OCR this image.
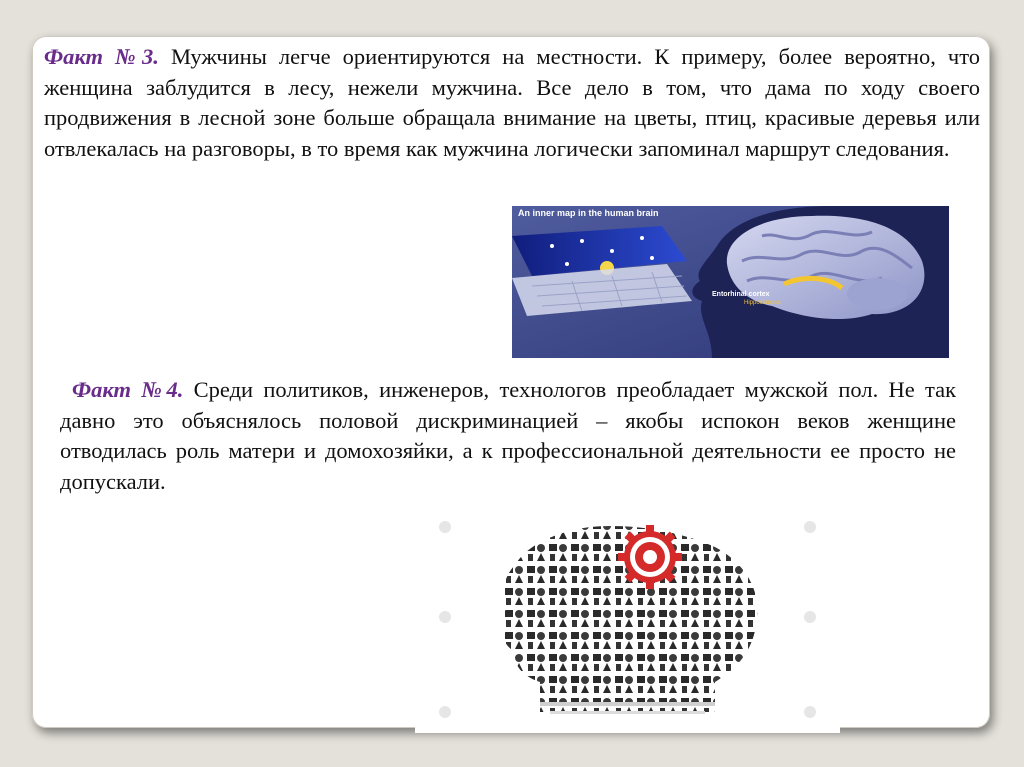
Факт №3. Мужчины легче ориентируются на местности. К примеру, более вероятно, что женщина заблудится в лесу, нежели мужчина. Все дело в том, что дама по ходу своего продвижения в лесной зоне больше обращала внимание на цветы, птиц, красивые деревья или отвлекалась на разговоры, в то время как мужчина логически запоминал маршрут следования.

An inner map in the human brain
Entorhinal cortex
Hippocampus

Факт №4. Среди политиков, инженеров, технологов преобладает мужской пол. Не так давно это объяснялось половой дискриминацией – якобы испокон веков женщине отводилась роль матери и домохозяйки, а к профессиональной деятельности ее просто не допускали.
